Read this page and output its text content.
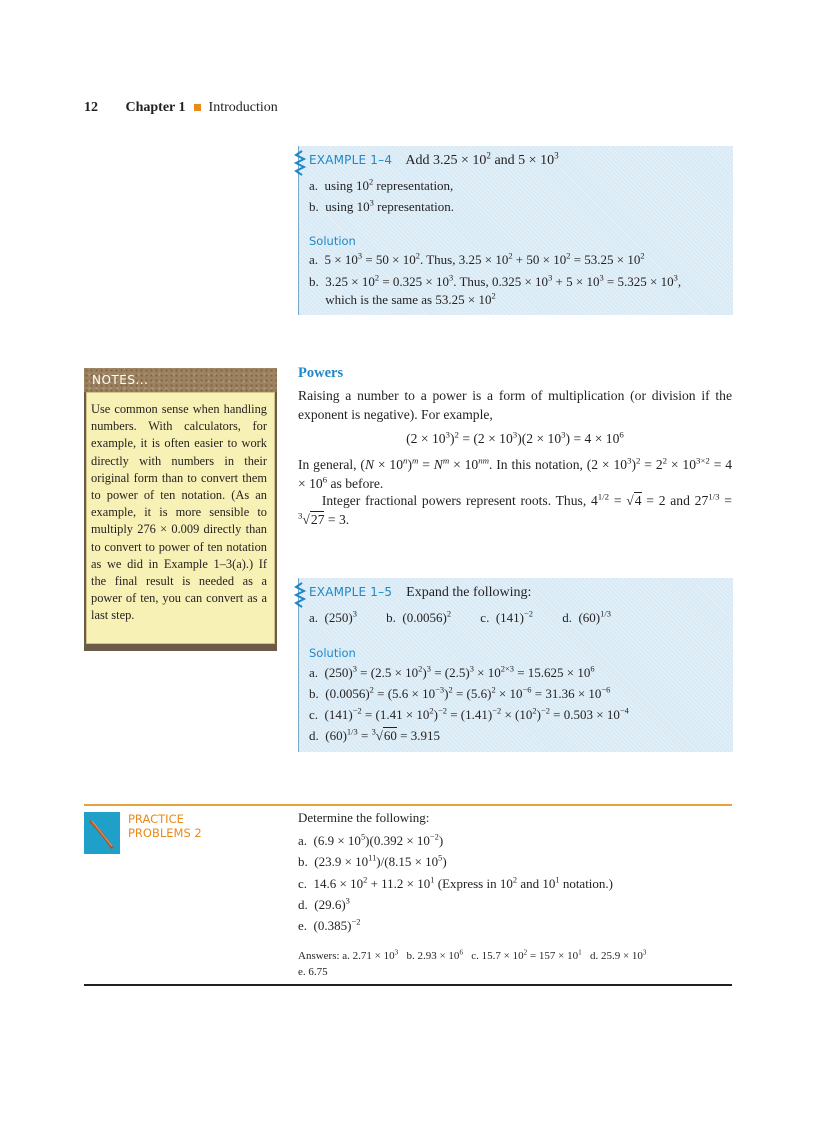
12 Chapter 1 Introduction
EXAMPLE 1–4 Add $3.25 \times 10^2$ and $5 \times 10^3$
a.  using $10^2$ representation,
b.  using $10^3$ representation.
Solution
a.  $5 \times 10^3 = 50 \times 10^2$. Thus, $3.25 \times 10^2 + 50 \times 10^2 = 53.25 \times 10^2$
b.  $3.25 \times 10^2 = 0.325 \times 10^3$. Thus, $0.325 \times 10^3 + 5 \times 10^3 = 5.325 \times 10^3$,
which is the same as $53.25 \times 10^2$
NOTES...
Use common sense when handling numbers. With calculators, for example, it is often easier to work directly with numbers in their original form than to convert them to power of ten notation. (As an example, it is more sensible to multiply 276 × 0.009 directly than to convert to power of ten notation as we did in Example 1–3(a).) If the final result is needed as a power of ten, you can convert as a last step.
Powers
Raising a number to a power is a form of multiplication (or division if the exponent is negative). For example,
$(2 \times 10^3)^2 = (2 \times 10^3)(2 \times 10^3) = 4 \times 10^6$
In general, $(N \times 10^n)^m = N^m \times 10^{nm}$. In this notation, $(2 \times 10^3)^2 = 2^2 \times 10^{3\times 2} = 4 \times 10^6$ as before.
Integer fractional powers represent roots. Thus, $4^{1/2} = √4 = 2$ and $27^{1/3} = ^3√27 = 3$.
EXAMPLE 1–5 Expand the following:
a.  $(250)^3$         b.  $(0.0056)^2$         c.  $(141)^{-2}$         d.  $(60)^{1/3}$
Solution
a.  $(250)^3 = (2.5 \times 10^2)^3 = (2.5)^3 \times 10^{2\times 3} = 15.625 \times 10^6$
b.  $(0.0056)^2 = (5.6 \times 10^{-3})^2 = (5.6)^2 \times 10^{-6} = 31.36 \times 10^{-6}$
c.  $(141)^{-2} = (1.41 \times 10^2)^{-2} = (1.41)^{-2} \times (10^2)^{-2} = 0.503 \times 10^{-4}$
d.  $(60)^{1/3} = ^3√60 = 3.915$
PRACTICE
PROBLEMS 2
Determine the following:
a.  $(6.9 \times 10^5)(0.392 \times 10^{-2})$
b.  $(23.9 \times 10^{11})/(8.15 \times 10^5)$
c.  $14.6 \times 10^2 + 11.2 \times 10^1$ (Express in $10^2$ and $10^1$ notation.)
d.  $(29.6)^3$
e.  $(0.385)^{-2}$
Answers: a. $2.71 \times 10^3$   b. $2.93 \times 10^6$   c. $15.7 \times 10^2 = 157 \times 10^1$   d. $25.9 \times 10^3$
e. 6.75
